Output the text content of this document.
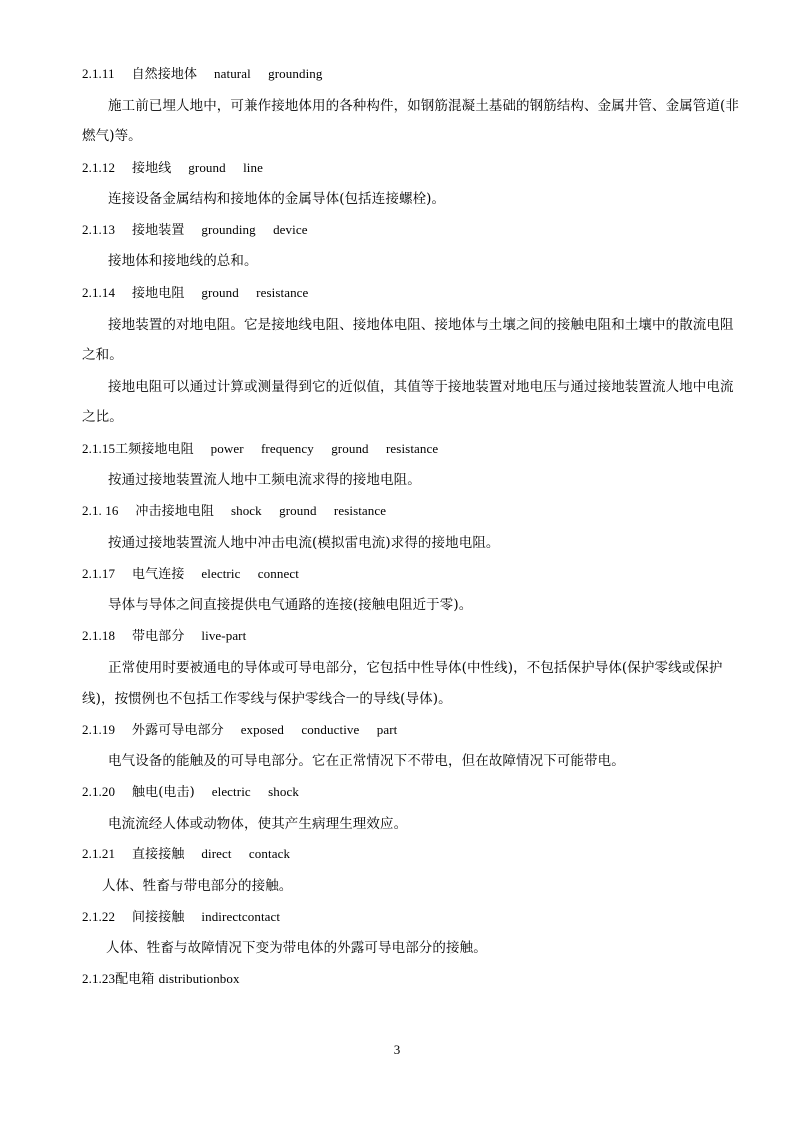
2.1.11 自然接地体 natural grounding
施工前已埋人地中，可兼作接地体用的各种构件，如钢筋混凝土基础的钢筋结构、金属井管、金属管道(非
燃气)等。
2.1.12 接地线 ground line
连接设备金属结构和接地体的金属导体(包括连接螺栓)。
2.1.13 接地装置 grounding device
接地体和接地线的总和。
2.1.14 接地电阻 ground resistance
接地装置的对地电阻。它是接地线电阻、接地体电阻、接地体与土壤之间的接触电阻和土壤中的散流电阻
之和。
接地电阻可以通过计算或测量得到它的近似值，其值等于接地装置对地电压与通过接地装置流人地中电流
之比。
2.1.15工频接地电阻 power frequency ground resistance
按通过接地装置流人地中工频电流求得的接地电阻。
2.1. 16 冲击接地电阻 shock ground resistance
按通过接地装置流人地中冲击电流(模拟雷电流)求得的接地电阻。
2.1.17 电气连接 electric connect
导体与导体之间直接提供电气通路的连接(接触电阻近于零)。
2.1.18 带电部分 live-part
正常使用时要被通电的导体或可导电部分，它包括中性导体(中性线)，不包括保护导体(保护零线或保护
线)，按惯例也不包括工作零线与保护零线合一的导线(导体)。
2.1.19 外露可导电部分 exposed conductive part
电气设备的能触及的可导电部分。它在正常情况下不带电，但在故障情况下可能带电。
2.1.20 触电(电击) electric shock
电流流经人体或动物体，使其产生病理生理效应。
2.1.21 直接接触 direct contack
人体、牲畜与带电部分的接触。
2.1.22 间接接触 indirectcontact
人体、牲畜与故障情况下变为带电体的外露可导电部分的接触。
2.1.23配电箱 distributionbox
3
